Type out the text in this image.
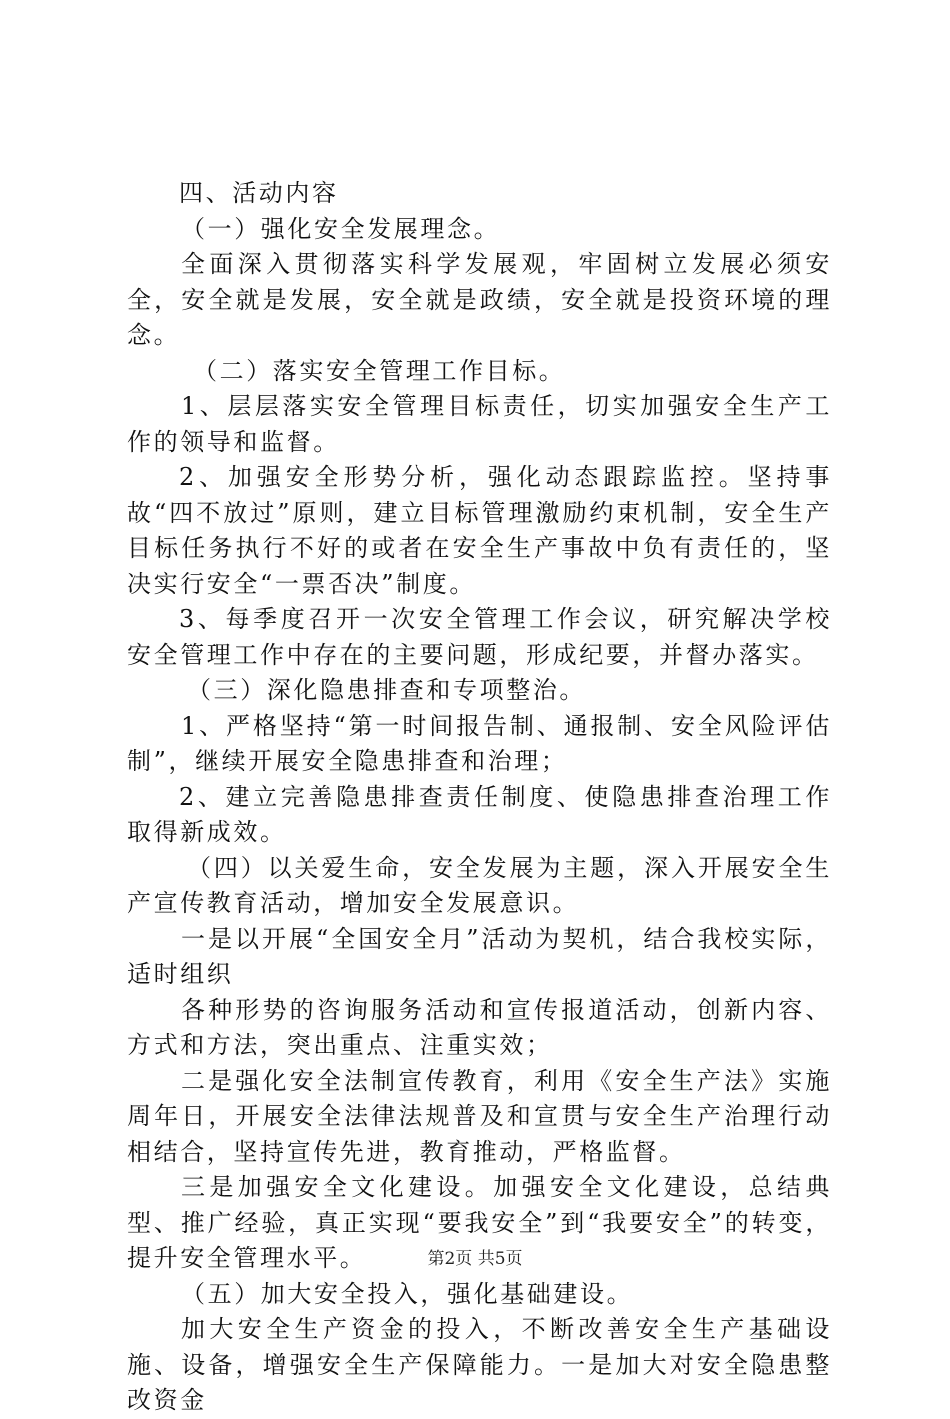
四、活动内容

（一）强化安全发展理念。

全面深入贯彻落实科学发展观，牢固树立发展必须安全，安全就是发展，安全就是政绩，安全就是投资环境的理念。

（二）落实安全管理工作目标。

1、层层落实安全管理目标责任，切实加强安全生产工作的领导和监督。

2、加强安全形势分析，强化动态跟踪监控。坚持事故“四不放过”原则，建立目标管理激励约束机制，安全生产目标任务执行不好的或者在安全生产事故中负有责任的，坚决实行安全“一票否决”制度。

3、每季度召开一次安全管理工作会议，研究解决学校安全管理工作中存在的主要问题，形成纪要，并督办落实。

（三）深化隐患排查和专项整治。

1、严格坚持“第一时间报告制、通报制、安全风险评估制”，继续开展安全隐患排查和治理；

2、建立完善隐患排查责任制度、使隐患排查治理工作取得新成效。

（四）以关爱生命，安全发展为主题，深入开展安全生产宣传教育活动，增加安全发展意识。

一是以开展“全国安全月”活动为契机，结合我校实际，适时组织

各种形势的咨询服务活动和宣传报道活动，创新内容、方式和方法，突出重点、注重实效；

二是强化安全法制宣传教育，利用《安全生产法》实施周年日，开展安全法律法规普及和宣贯与安全生产治理行动相结合，坚持宣传先进，教育推动，严格监督。

三是加强安全文化建设。加强安全文化建设，总结典型、推广经验，真正实现“要我安全”到“我要安全”的转变，提升安全管理水平。

（五）加大安全投入，强化基础建设。

加大安全生产资金的投入，不断改善安全生产基础设施、设备，增强安全生产保障能力。一是加大对安全隐患整改资金

第2页 共5页
